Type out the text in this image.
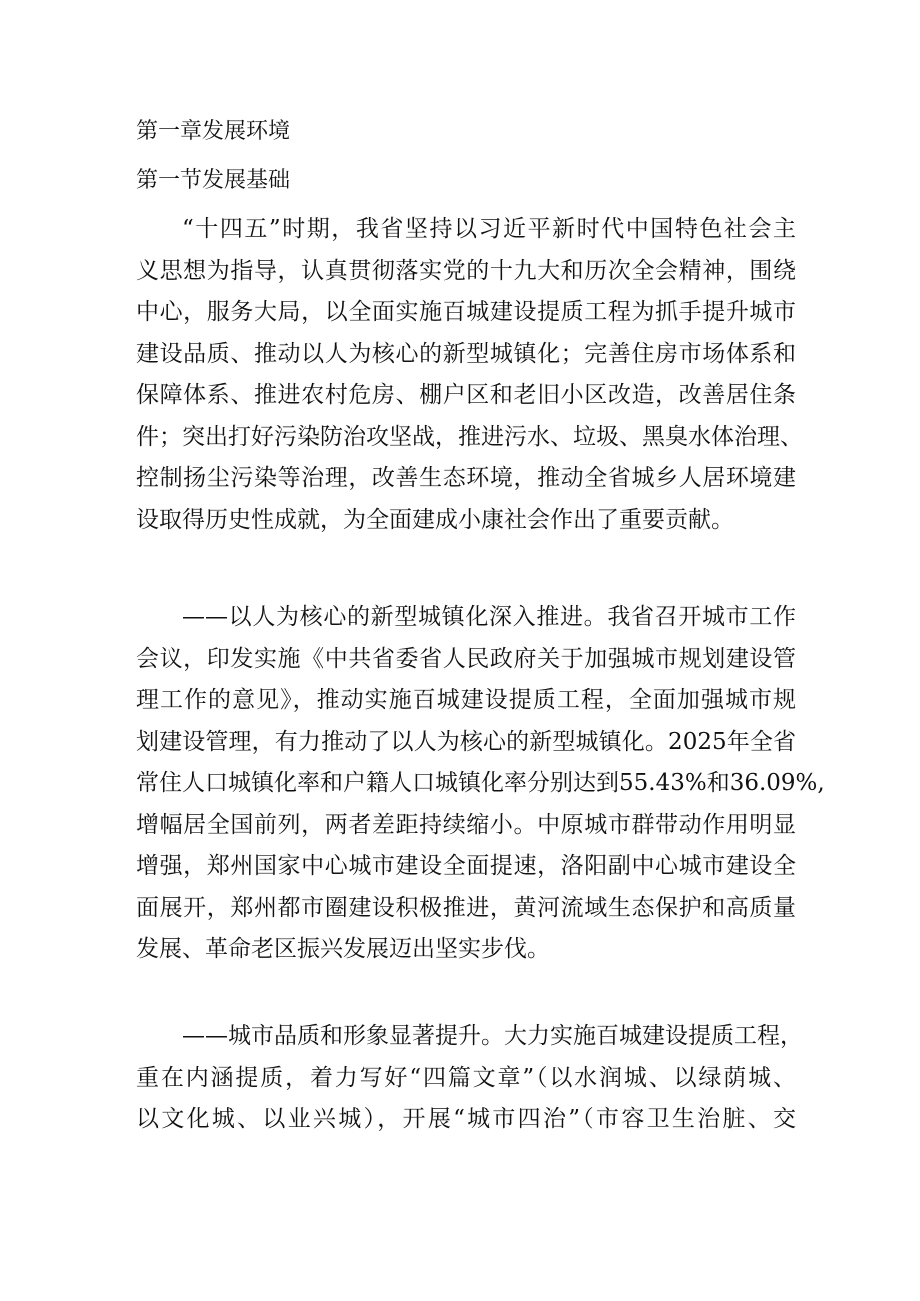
第一章发展环境
第一节发展基础
“十四五”时期，我省坚持以习近平新时代中国特色社会主
义思想为指导，认真贯彻落实党的十九大和历次全会精神，围绕
中心，服务大局，以全面实施百城建设提质工程为抓手提升城市
建设品质、推动以人为核心的新型城镇化；完善住房市场体系和
保障体系、推进农村危房、棚户区和老旧小区改造，改善居住条
件；突出打好污染防治攻坚战，推进污水、垃圾、黑臭水体治理、
控制扬尘污染等治理，改善生态环境，推动全省城乡人居环境建
设取得历史性成就，为全面建成小康社会作出了重要贡献。
——以人为核心的新型城镇化深入推进。我省召开城市工作
会议，印发实施《中共省委省人民政府关于加强城市规划建设管
理工作的意见》，推动实施百城建设提质工程，全面加强城市规
划建设管理，有力推动了以人为核心的新型城镇化。2025年全省
常住人口城镇化率和户籍人口城镇化率分别达到55.43%和36.09%,
增幅居全国前列，两者差距持续缩小。中原城市群带动作用明显
增强，郑州国家中心城市建设全面提速，洛阳副中心城市建设全
面展开，郑州都市圈建设积极推进，黄河流域生态保护和高质量
发展、革命老区振兴发展迈出坚实步伐。
——城市品质和形象显著提升。大力实施百城建设提质工程，
重在内涵提质，着力写好“四篇文章”（以水润城、以绿荫城、
以文化城、以业兴城），开展“城市四治”（市容卫生治脏、交
